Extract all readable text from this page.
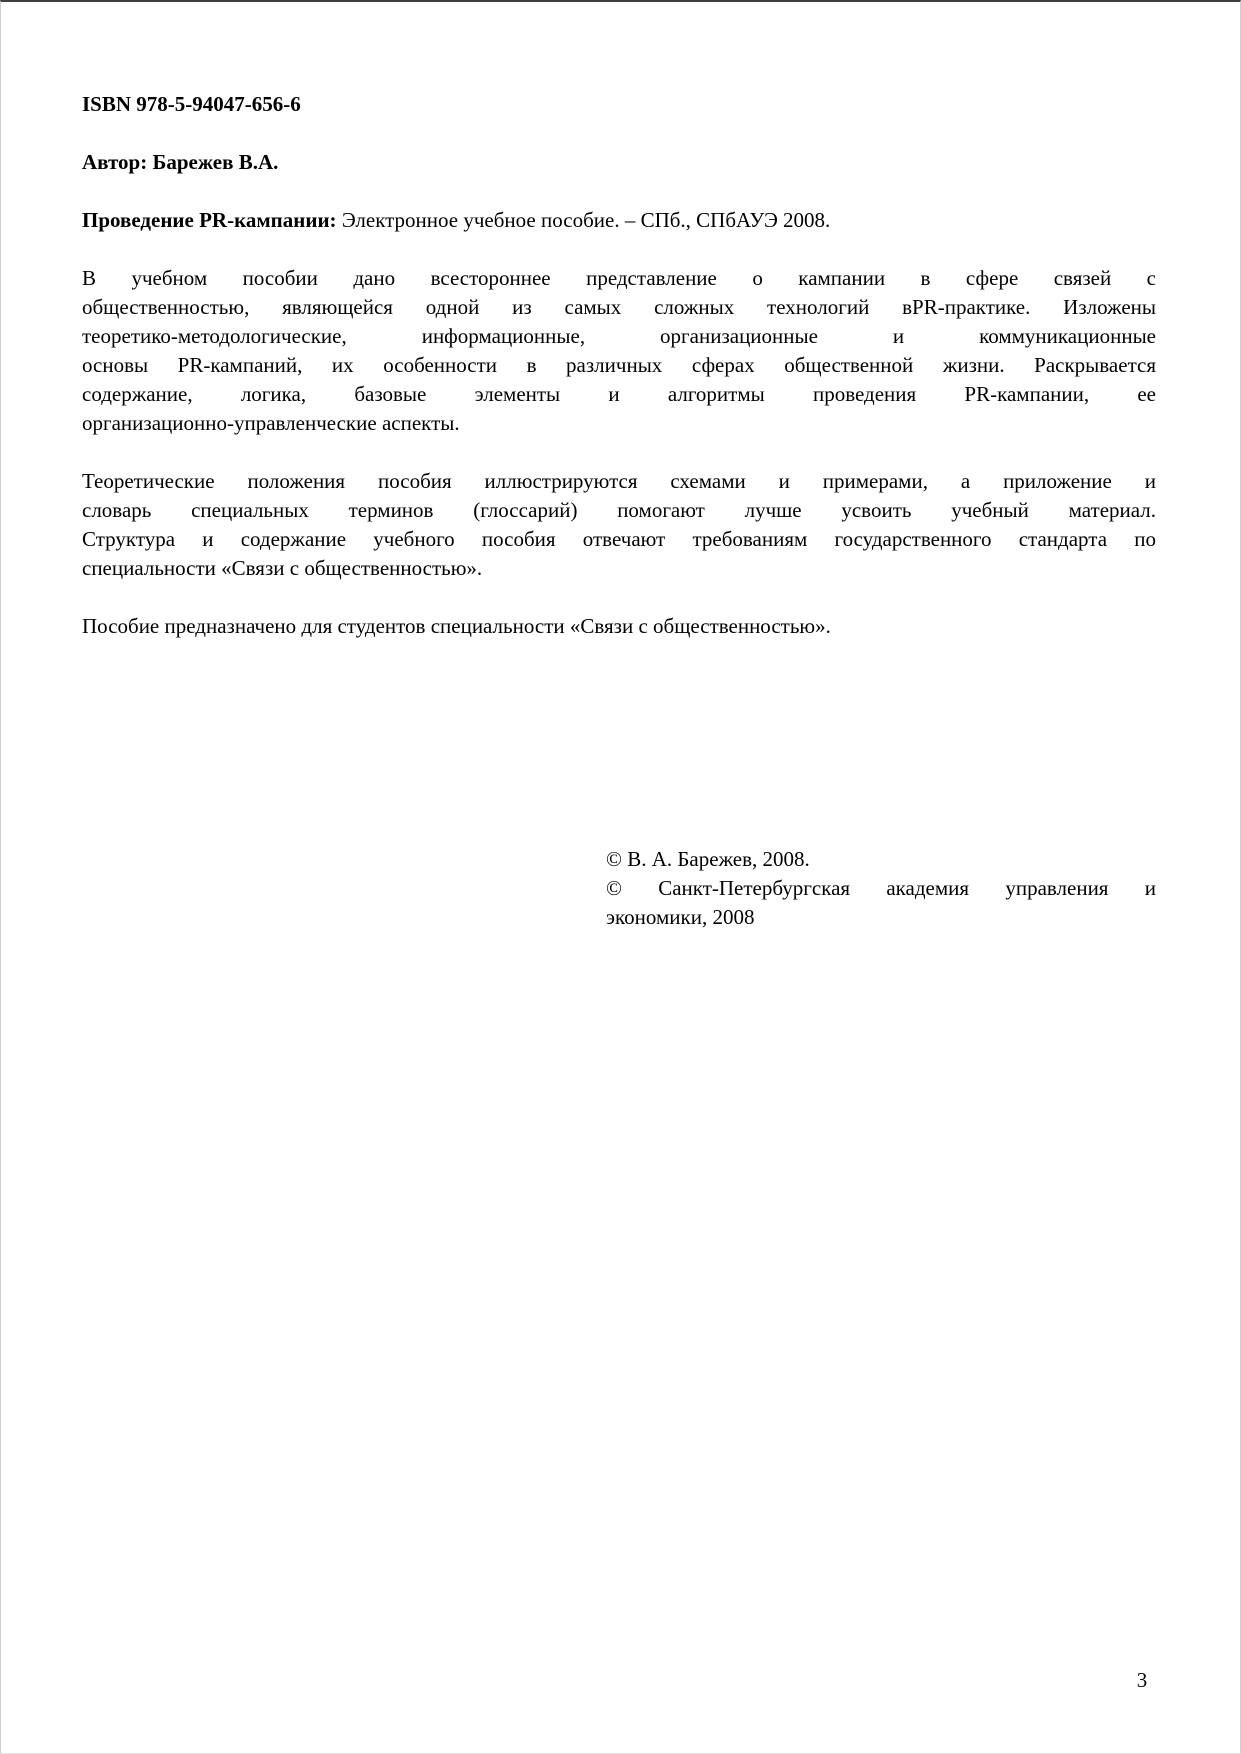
ISBN 978-5-94047-656-6

Автор: Барежев В.А.

Проведение PR-кампании: Электронное учебное пособие. – СПб., СПбАУЭ 2008.

В учебном пособии дано всестороннее представление о кампании в сфере связей с
общественностью, являющейся одной из самых сложных технологий вPR-практике. Изложены
теоретико-методологические, информационные, организационные и коммуникационные
основы PR-кампаний, их особенности в различных сферах общественной жизни. Раскрывается
содержание, логика, базовые элементы и алгоритмы проведения PR-кампании, ее
организационно-управленческие аспекты.
Теоретические положения пособия иллюстрируются схемами и примерами, а приложение и
словарь специальных терминов (глоссарий) помогают лучше усвоить учебный материал.
Структура и содержание учебного пособия отвечают требованиям государственного стандарта по
специальности «Связи с общественностью».

Пособие предназначено для студентов специальности «Связи с общественностью».

© В. А. Барежев, 2008.
© Санкт-Петербургская академия управления и
экономики, 2008
3
